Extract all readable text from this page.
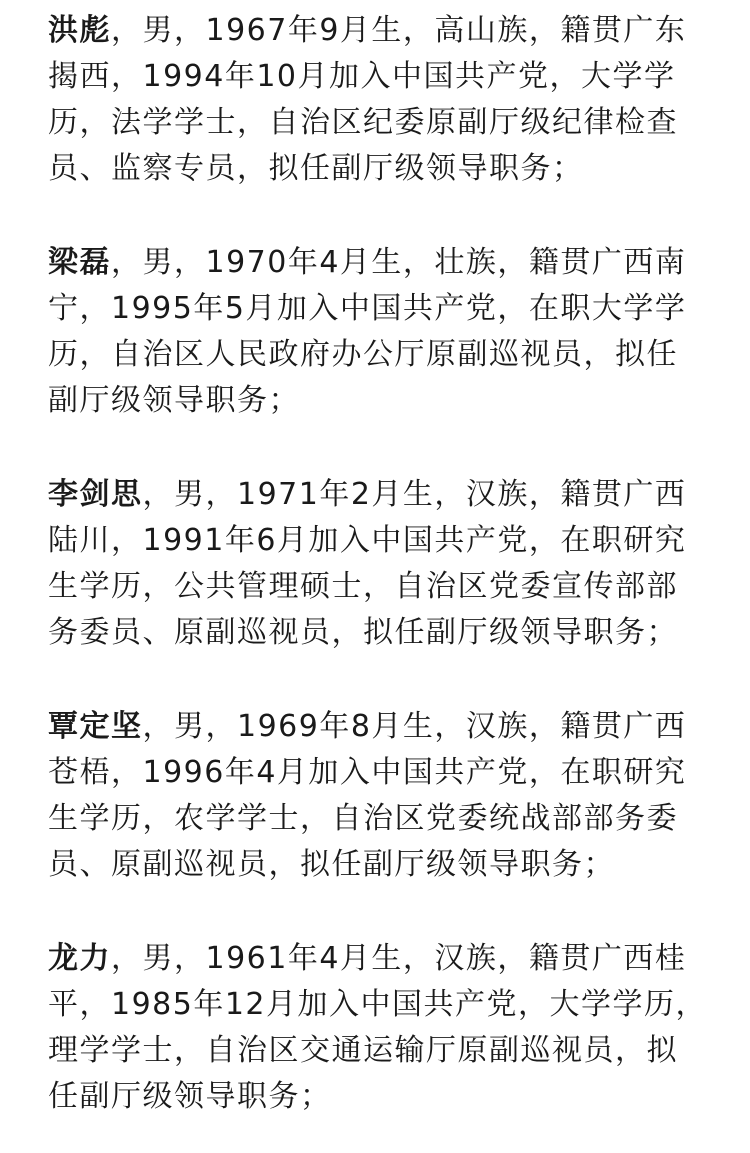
洪彪，男，1967年9月生，高山族，籍贯广东
揭西，1994年10月加入中国共产党，大学学
历，法学学士，自治区纪委原副厅级纪律检查
员、监察专员，拟任副厅级领导职务；

梁磊，男，1970年4月生，壮族，籍贯广西南
宁，1995年5月加入中国共产党，在职大学学
历，自治区人民政府办公厅原副巡视员，拟任
副厅级领导职务；

李剑思，男，1971年2月生，汉族，籍贯广西
陆川，1991年6月加入中国共产党，在职研究
生学历，公共管理硕士，自治区党委宣传部部
务委员、原副巡视员，拟任副厅级领导职务；

覃定坚，男，1969年8月生，汉族，籍贯广西
苍梧，1996年4月加入中国共产党，在职研究
生学历，农学学士，自治区党委统战部部务委
员、原副巡视员，拟任副厅级领导职务；

龙力，男，1961年4月生，汉族，籍贯广西桂
平，1985年12月加入中国共产党，大学学历，
理学学士，自治区交通运输厅原副巡视员，拟
任副厅级领导职务；
